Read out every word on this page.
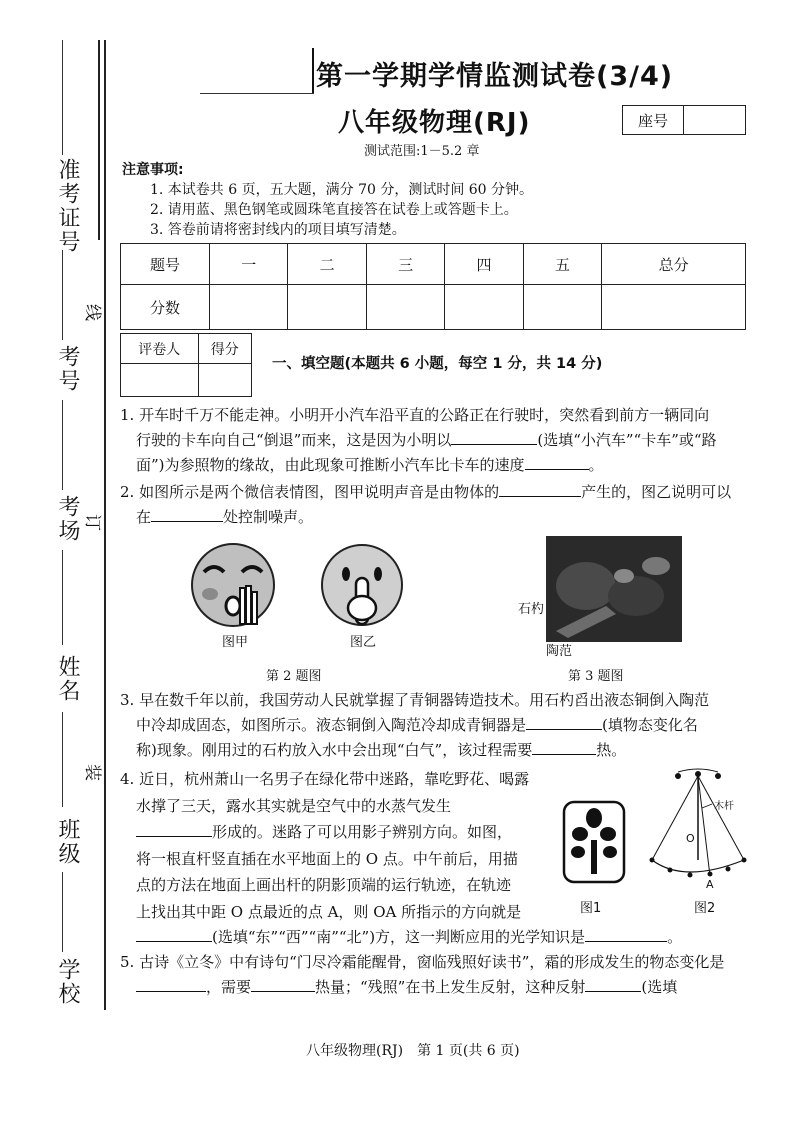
准考证号
考号
考场
姓名
班级
学校
线
订
装
第一学期学情监测试卷(3/4)
八年级物理(RJ)
测试范围:1－5.2 章
座号
注意事项:
1. 本试卷共 6 页，五大题，满分 70 分，测试时间 60 分钟。
2. 请用蓝、黑色钢笔或圆珠笔直接答在试卷上或答题卡上。
3. 答卷前请将密封线内的项目填写清楚。
题号	一	二	三	四	五	总分
分数						
评卷人	得分

一、填空题(本题共 6 小题，每空 1 分，共 14 分)
1. 开车时千万不能走神。小明开小汽车沿平直的公路正在行驶时，突然看到前方一辆同向
行驶的卡车向自己“倒退”而来，这是因为小明以	(选填“小汽车”“卡车”或“路
面”)为参照物的缘故，由此现象可推断小汽车比卡车的速度	。
2. 如图所示是两个微信表情图，图甲说明声音是由物体的	产生的，图乙说明可以
在	处控制噪声。
图甲	图乙
第 2 题图
石杓
陶范
第 3 题图
3. 早在数千年以前，我国劳动人民就掌握了青铜器铸造技术。用石杓舀出液态铜倒入陶范
中冷却成固态，如图所示。液态铜倒入陶范冷却成青铜器是	(填物态变化名
称)现象。刚用过的石杓放入水中会出现“白气”，该过程需要	热。
4. 近日，杭州萧山一名男子在绿化带中迷路，靠吃野花、喝露
水撑了三天，露水其实就是空气中的水蒸气发生
形成的。迷路了可以用影子辨别方向。如图，
将一根直杆竖直插在水平地面上的 O 点。中午前后，用描
点的方法在地面上画出杆的阴影顶端的运行轨迹，在轨迹
上找出其中距 O 点最近的点 A，则 OA 所指示的方向就是
(选填“东”“西”“南”“北”)方，这一判断应用的光学知识是	。
图1
木杆
O
A
图2
5. 古诗《立冬》中有诗句“门尽冷霜能醒骨，窗临残照好读书”，霜的形成发生的物态变化是
，需要	热量；“残照”在书上发生反射，这种反射	(选填
八年级物理(RJ)　第 1 页(共 6 页)
